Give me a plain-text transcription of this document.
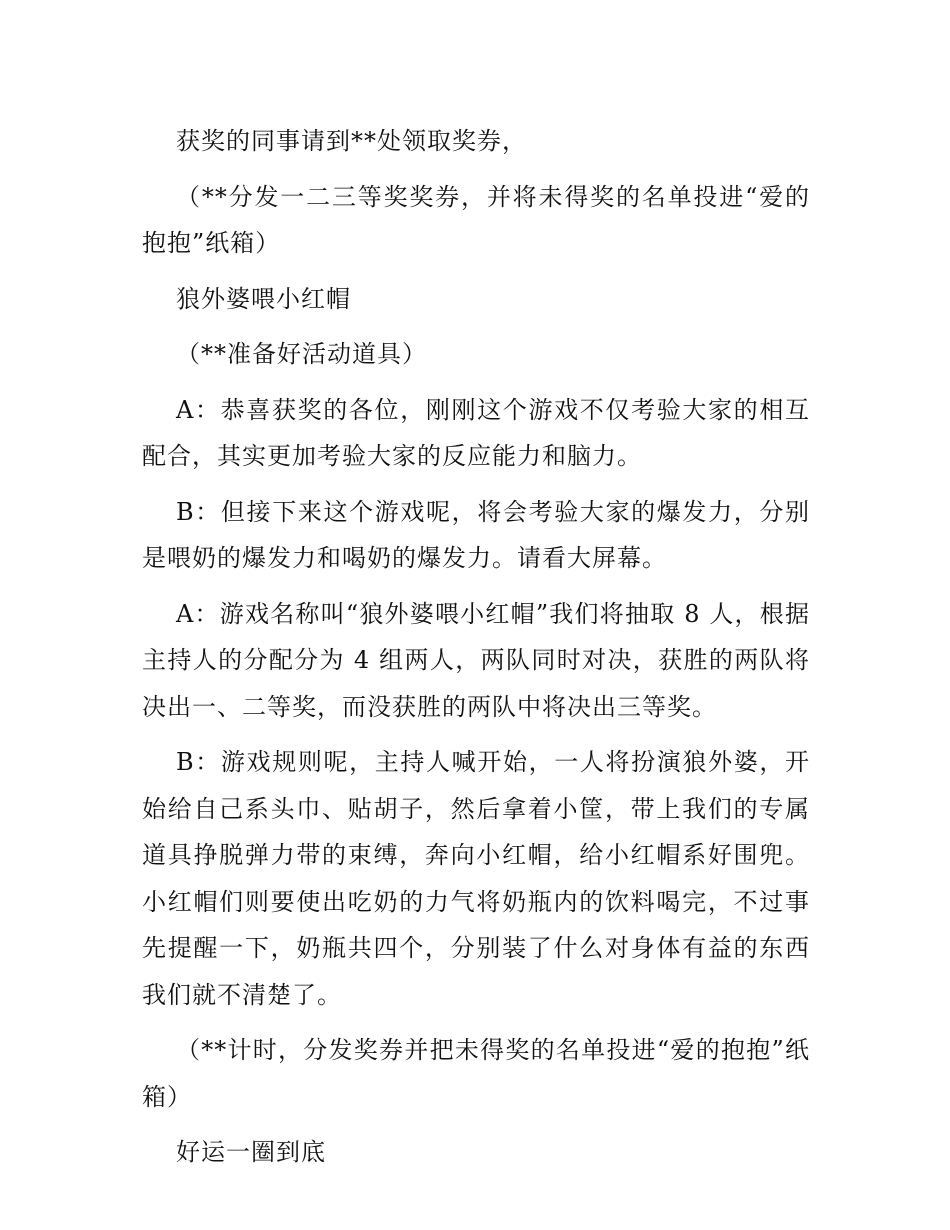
获奖的同事请到**处领取奖券，

（**分发一二三等奖奖券，并将未得奖的名单投进“爱的抱抱”纸箱）

狼外婆喂小红帽

（**准备好活动道具）

A：恭喜获奖的各位，刚刚这个游戏不仅考验大家的相互配合，其实更加考验大家的反应能力和脑力。

B：但接下来这个游戏呢，将会考验大家的爆发力，分别是喂奶的爆发力和喝奶的爆发力。请看大屏幕。

A：游戏名称叫“狼外婆喂小红帽”我们将抽取 8 人，根据主持人的分配分为 4 组两人，两队同时对决，获胜的两队将决出一、二等奖，而没获胜的两队中将决出三等奖。

B：游戏规则呢，主持人喊开始，一人将扮演狼外婆，开始给自己系头巾、贴胡子，然后拿着小筐，带上我们的专属道具挣脱弹力带的束缚，奔向小红帽，给小红帽系好围兜。小红帽们则要使出吃奶的力气将奶瓶内的饮料喝完，不过事先提醒一下，奶瓶共四个，分别装了什么对身体有益的东西我们就不清楚了。

（**计时，分发奖券并把未得奖的名单投进“爱的抱抱”纸箱）

好运一圈到底
